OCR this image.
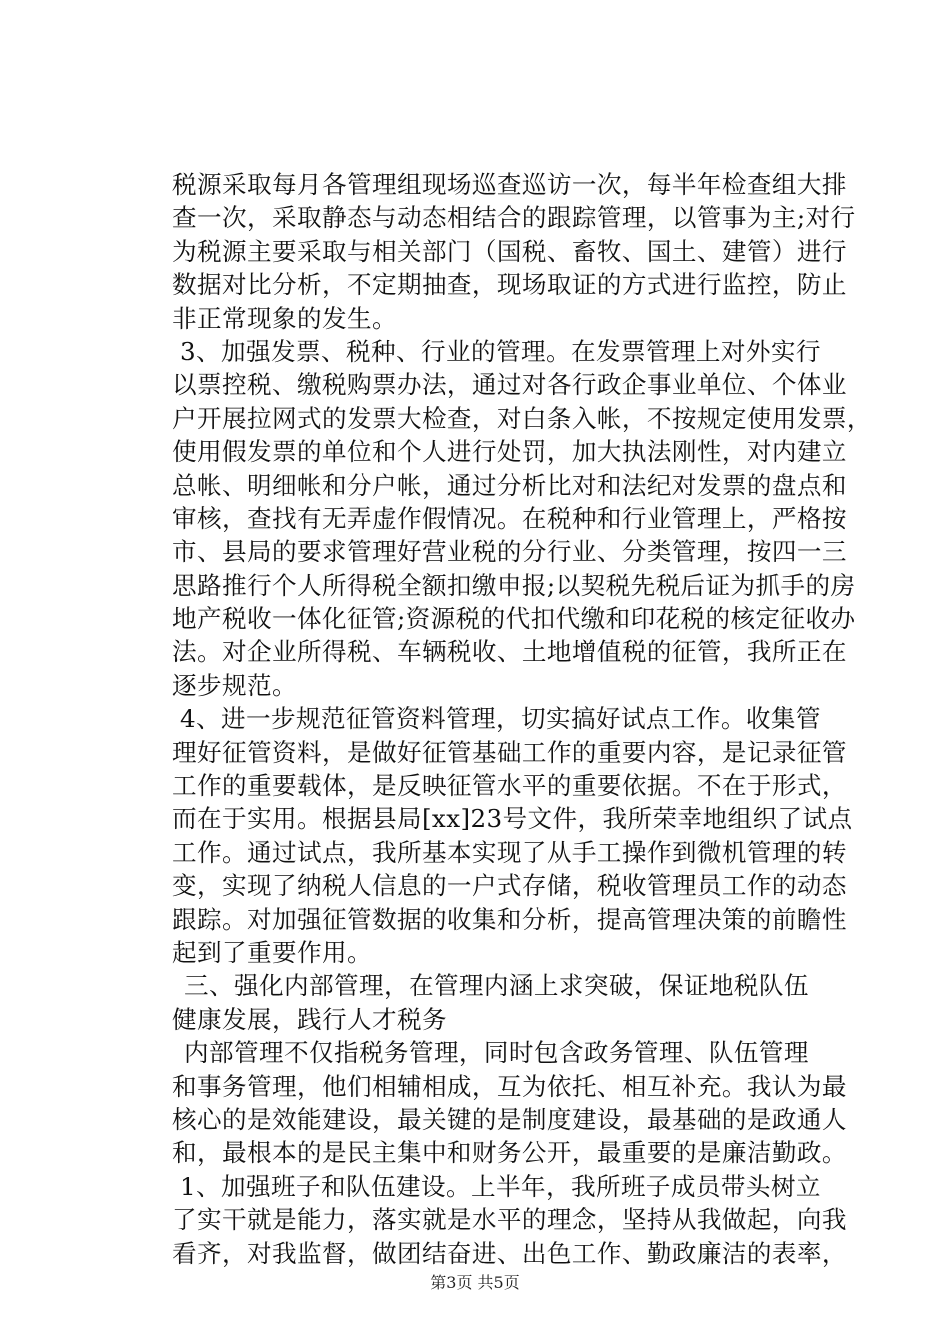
税源采取每月各管理组现场巡查巡访一次，每半年检查组大排
查一次，采取静态与动态相结合的跟踪管理，以管事为主;对行
为税源主要采取与相关部门（国税、畜牧、国土、建管）进行
数据对比分析，不定期抽查，现场取证的方式进行监控，防止
非正常现象的发生。
3、加强发票、税种、行业的管理。在发票管理上对外实行
以票控税、缴税购票办法，通过对各行政企事业单位、个体业
户开展拉网式的发票大检查，对白条入帐，不按规定使用发票，
使用假发票的单位和个人进行处罚，加大执法刚性，对内建立
总帐、明细帐和分户帐，通过分析比对和法纪对发票的盘点和
审核，查找有无弄虚作假情况。在税种和行业管理上，严格按
市、县局的要求管理好营业税的分行业、分类管理，按四一三
思路推行个人所得税全额扣缴申报;以契税先税后证为抓手的房
地产税收一体化征管;资源税的代扣代缴和印花税的核定征收办
法。对企业所得税、车辆税收、土地增值税的征管，我所正在
逐步规范。
4、进一步规范征管资料管理，切实搞好试点工作。收集管
理好征管资料，是做好征管基础工作的重要内容，是记录征管
工作的重要载体，是反映征管水平的重要依据。不在于形式，
而在于实用。根据县局[xx]23号文件，我所荣幸地组织了试点
工作。通过试点，我所基本实现了从手工操作到微机管理的转
变，实现了纳税人信息的一户式存储，税收管理员工作的动态
跟踪。对加强征管数据的收集和分析，提高管理决策的前瞻性
起到了重要作用。
三、强化内部管理，在管理内涵上求突破，保证地税队伍
健康发展，践行人才税务
内部管理不仅指税务管理，同时包含政务管理、队伍管理
和事务管理，他们相辅相成，互为依托、相互补充。我认为最
核心的是效能建设，最关键的是制度建设，最基础的是政通人
和，最根本的是民主集中和财务公开，最重要的是廉洁勤政。
1、加强班子和队伍建设。上半年，我所班子成员带头树立
了实干就是能力，落实就是水平的理念，坚持从我做起，向我
看齐，对我监督，做团结奋进、出色工作、勤政廉洁的表率，
第3页 共5页
